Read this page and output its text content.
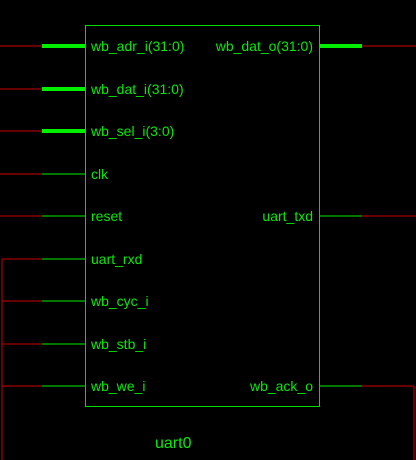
wb_adr_i(31:0)
wb_dat_i(31:0)
wb_sel_i(3:0)
clk
reset
uart_rxd
wb_cyc_i
wb_stb_i
wb_we_i
wb_dat_o(31:0)
uart_txd
wb_ack_o
uart0
